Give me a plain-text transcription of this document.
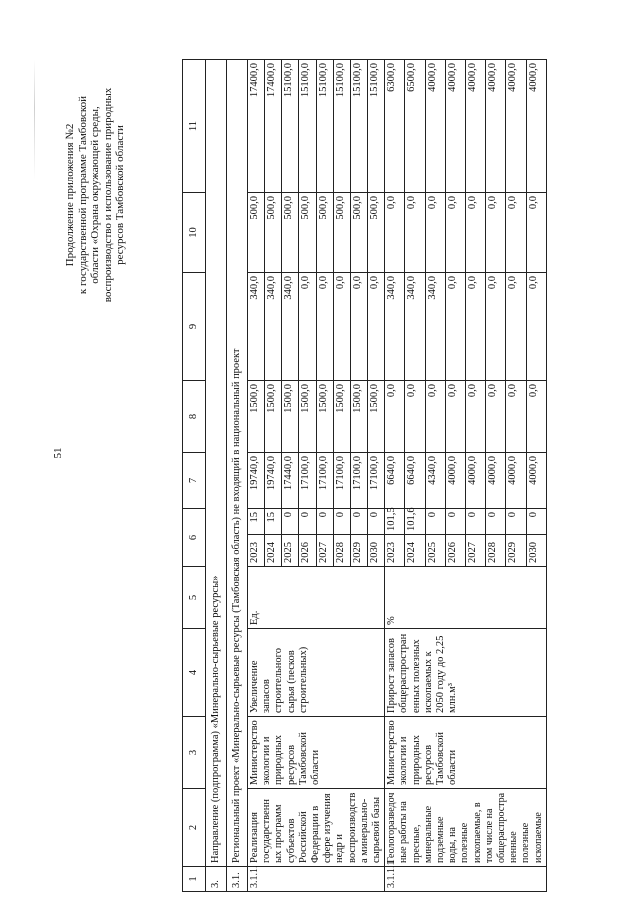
51
Продолжение приложения №2 к государственной программе Тамбовской области «Охрана окружающей среды, воспроизводство и использование природных ресурсов Тамбовской области
1	2	3	4	5	6		7	8	9	10	11
3.	Направление (подпрограмма) «Минерально-сырьевые ресурсы»										
3.1.	Региональный проект «Минерально-сырьевые ресурсы (Тамбовская область) не входящий в национальный проект										
3.1.1.	Реализация государственных программ субъектов Российской Федерации в сфере изучения недр и воспроизводства минерально-сырьевой базы	Министерство экологии и природных ресурсов Тамбовской области	Увеличение запасов строительного сырья (песков строительных)	Ед.	2023	15	19740,0	1500,0	340,0	500,0	17400,0
					2024	15	19740,0	1500,0	340,0	500,0	17400,0
					2025	0	17440,0	1500,0	340,0	500,0	15100,0
					2026	0	17100,0	1500,0	0,0	500,0	15100,0
					2027	0	17100,0	1500,0	0,0	500,0	15100,0
					2028	0	17100,0	1500,0	0,0	500,0	15100,0
					2029	0	17100,0	1500,0	0,0	500,0	15100,0
					2030	0	17100,0	1500,0	0,0	500,0	15100,0
3.1.1.1	Геологоразведочные работы на пресные, минеральные подземные воды, на полезные ископаемые, в том числе на общераспространенные полезные ископаемые	Министерство экологии и природных ресурсов Тамбовской области	Прирост запасов общераспространенных полезных ископаемых к 2050 году до 2,25 млн.м³	%	2023	101,5	6640,0	0,0	340,0	0,0	6300,0
					2024	101,6	6640,0	0,0	340,0	0,0	6500,0
					2025	0	4340,0	0,0	340,0	0,0	4000,0
					2026	0	4000,0	0,0	0,0	0,0	4000,0
					2027	0	4000,0	0,0	0,0	0,0	4000,0
					2028	0	4000,0	0,0	0,0	0,0	4000,0
					2029	0	4000,0	0,0	0,0	0,0	4000,0
					2030	0	4000,0	0,0	0,0	0,0	4000,0
